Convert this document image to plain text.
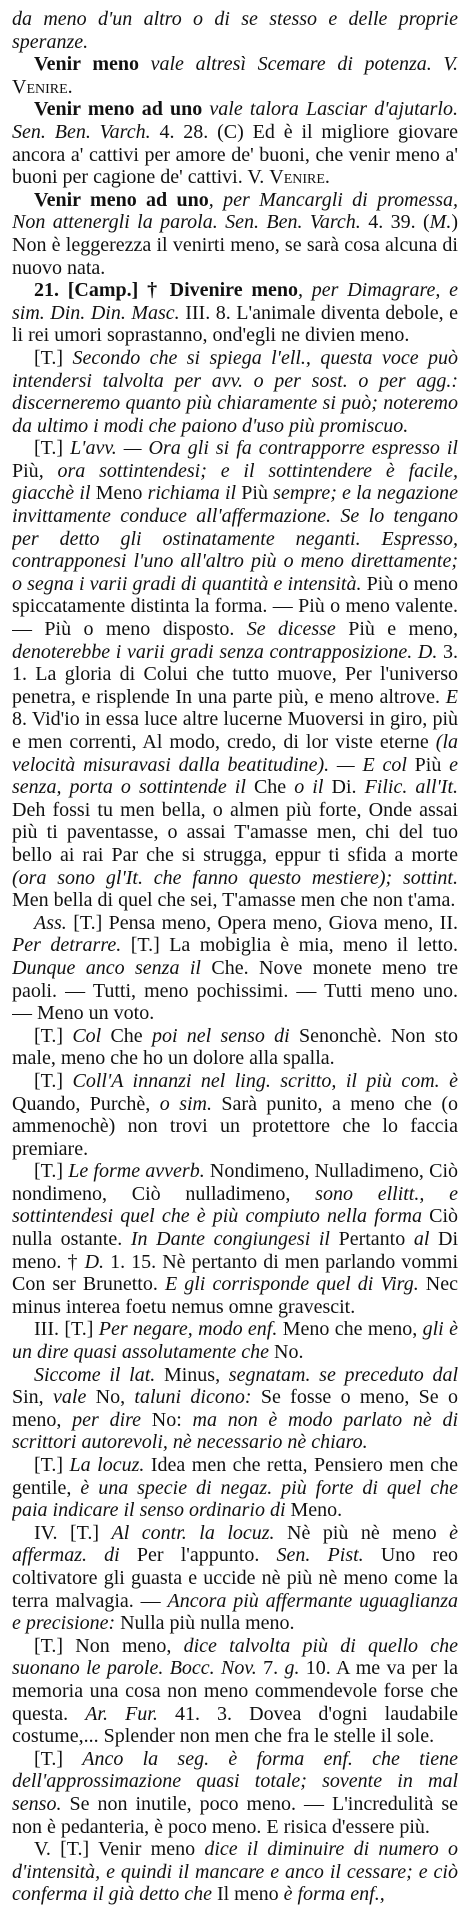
da meno d'un altro o di se stesso e delle proprie speranze.

Venir meno vale altresì Scemare di potenza. V. Venire.

Venir meno ad uno vale talora Lasciar d'ajutarlo. Sen. Ben. Varch. 4. 28. (C) Ed è il migliore giovare ancora a' cattivi per amore de' buoni, che venir meno a' buoni per cagione de' cattivi. V. Venire.

Venir meno ad uno, per Mancargli di promessa, Non attenergli la parola. Sen. Ben. Varch. 4. 39. (M.) Non è leggerezza il venirti meno, se sarà cosa alcuna di nuovo nata.

21. [Camp.] † Divenire meno, per Dimagrare, e sim. Din. Din. Masc. III. 8. L'animale diventa debole, e li rei umori soprastanno, ond'egli ne divien meno.

[T.] Secondo che si spiega l'ell., questa voce può intendersi talvolta per avv. o per sost. o per agg.: discerneremo quanto più chiaramente si può; noteremo da ultimo i modi che paiono d'uso più promiscuo.

[T.] L'avv. — Ora gli si fa contrapporre espresso il Più, ora sottintendesi; e il sottintendere è facile, giacchè il Meno richiama il Più sempre; e la negazione invittamente conduce all'affermazione. Se lo tengano per detto gli ostinatamente neganti. Espresso, contrapponesi l'uno all'altro più o meno direttamente; o segna i varii gradi di quantità e intensità. Più o meno spiccatamente distinta la forma. — Più o meno valente. — Più o meno disposto. Se dicesse Più e meno, denoterebbe i varii gradi senza contrapposizione. D. 3. 1. La gloria di Colui che tutto muove, Per l'universo penetra, e risplende In una parte più, e meno altrove. E 8. Vid'io in essa luce altre lucerne Muoversi in giro, più e men correnti, Al modo, credo, di lor viste eterne (la velocità misuravasi dalla beatitudine). — E col Più e senza, porta o sottintende il Che o il Di. Filic. all'It. Deh fossi tu men bella, o almen più forte, Onde assai più ti paventasse, o assai T'amasse men, chi del tuo bello ai rai Par che si strugga, eppur ti sfida a morte (ora sono gl'It. che fanno questo mestiere); sottint. Men bella di quel che sei, T'amasse men che non t'ama.

Ass. [T.] Pensa meno, Opera meno, Giova meno, II. Per detrarre. [T.] La mobiglia è mia, meno il letto. Dunque anco senza il Che. Nove monete meno tre paoli. — Tutti, meno pochissimi. — Tutti meno uno. — Meno un voto.

[T.] Col Che poi nel senso di Senonchè. Non sto male, meno che ho un dolore alla spalla.

[T.] Coll'A innanzi nel ling. scritto, il più com. è Quando, Purchè, o sim. Sarà punito, a meno che (o ammenochè) non trovi un protettore che lo faccia premiare.

[T.] Le forme avverb. Nondimeno, Nulladimeno, Ciò nondimeno, Ciò nulladimeno, sono ellitt., e sottintendesi quel che è più compiuto nella forma Ciò nulla ostante. In Dante congiungesi il Pertanto al Di meno. † D. 1. 15. Nè pertanto di men parlando vommi Con ser Brunetto. E gli corrisponde quel di Virg. Nec minus interea foetu nemus omne gravescit.

III. [T.] Per negare, modo enf. Meno che meno, gli è un dire quasi assolutamente che No.

Siccome il lat. Minus, segnatam. se preceduto dal Sin, vale No, taluni dicono: Se fosse o meno, Se o meno, per dire No: ma non è modo parlato nè di scrittori autorevoli, nè necessario nè chiaro.

[T.] La locuz. Idea men che retta, Pensiero men che gentile, è una specie di negaz. più forte di quel che paia indicare il senso ordinario di Meno.

IV. [T.] Al contr. la locuz. Nè più nè meno è affermaz. di Per l'appunto. Sen. Pist. Uno reo coltivatore gli guasta e uccide nè più nè meno come la terra malvagia. — Ancora più affermante uguaglianza e precisione: Nulla più nulla meno.

[T.] Non meno, dice talvolta più di quello che suonano le parole. Bocc. Nov. 7. g. 10. A me va per la memoria una cosa non meno commendevole forse che questa. Ar. Fur. 41. 3. Dovea d'ogni laudabile costume,... Splender non men che fra le stelle il sole.

[T.] Anco la seg. è forma enf. che tiene dell'approssimazione quasi totale; sovente in mal senso. Se non inutile, poco meno. — L'incredulità se non è pedanteria, è poco meno. E risica d'essere più.

V. [T.] Venir meno dice il diminuire di numero o d'intensità, e quindi il mancare e anco il cessare; e ciò conferma il già detto che Il meno è forma enf.,
